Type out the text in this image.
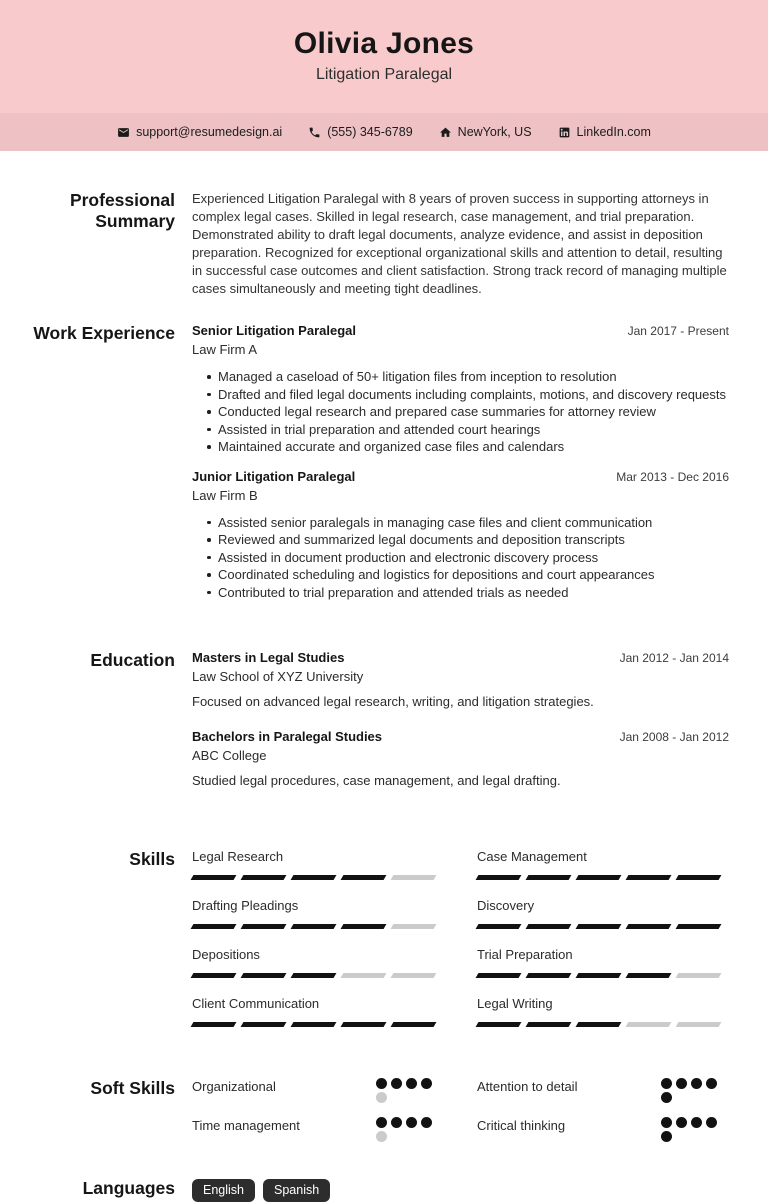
Olivia Jones
Litigation Paralegal
support@resumedesign.ai	(555) 345-6789	NewYork, US	LinkedIn.com
Professional Summary

Experienced Litigation Paralegal with 8 years of proven success in supporting attorneys in complex legal cases. Skilled in legal research, case management, and trial preparation. Demonstrated ability to draft legal documents, analyze evidence, and assist in deposition preparation. Recognized for exceptional organizational skills and attention to detail, resulting in successful case outcomes and client satisfaction. Strong track record of managing multiple cases simultaneously and meeting tight deadlines.

Work Experience Senior Litigation Paralegal	Jan 2017 - Present
Law Firm A
Managed a caseload of 50+ litigation files from inception to resolution
Drafted and filed legal documents including complaints, motions, and discovery requests
Conducted legal research and prepared case summaries for attorney review
Assisted in trial preparation and attended court hearings
Maintained accurate and organized case files and calendars
Junior Litigation Paralegal	Mar 2013 - Dec 2016
Law Firm B
Assisted senior paralegals in managing case files and client communication
Reviewed and summarized legal documents and deposition transcripts
Assisted in document production and electronic discovery process
Coordinated scheduling and logistics for depositions and court appearances
Contributed to trial preparation and attended trials as needed
Education Masters in Legal Studies	Jan 2012 - Jan 2014
Law School of XYZ University
Focused on advanced legal research, writing, and litigation strategies.
Bachelors in Paralegal Studies	Jan 2008 - Jan 2012
ABC College
Studied legal procedures, case management, and legal drafting.
Skills Legal Research	Case Management
Drafting Pleadings	Discovery
Depositions	Trial Preparation
Client Communication	Legal Writing
Soft Skills Organizational	Attention to detail
Time management	Critical thinking
Languages	English	Spanish
